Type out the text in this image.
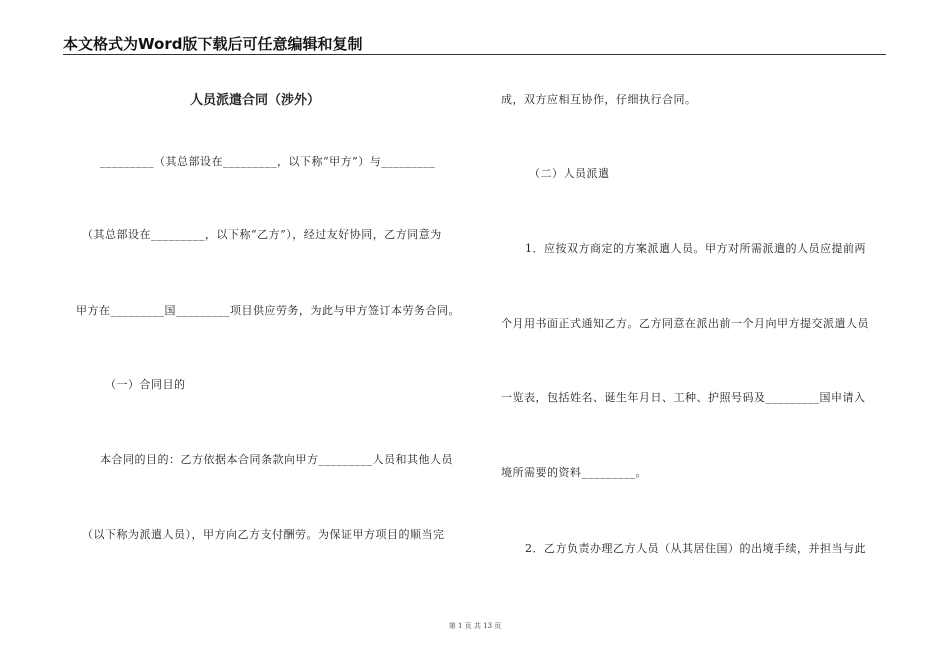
本文格式为Word版下载后可任意编辑和复制
人员派遣合同（涉外）
_________（其总部设在_________，以下称“甲方”）与_________
（其总部设在_________，以下称“乙方”），经过友好协同，乙方同意为
甲方在_________国_________项目供应劳务，为此与甲方签订本劳务合同。
（一）合同目的
本合同的目的：乙方依据本合同条款向甲方_________人员和其他人员
（以下称为派遣人员），甲方向乙方支付酬劳。为保证甲方项目的顺当完
成，双方应相互协作，仔细执行合同。
（二）人员派遣
1．应按双方商定的方案派遣人员。甲方对所需派遣的人员应提前两
个月用书面正式通知乙方。乙方同意在派出前一个月向甲方提交派遣人员
一览表，包括姓名、诞生年月日、工种、护照号码及_________国申请入
境所需要的资料_________。
2．乙方负责办理乙方人员（从其居住国）的出境手续，并担当与此
第 1 页 共 13 页
